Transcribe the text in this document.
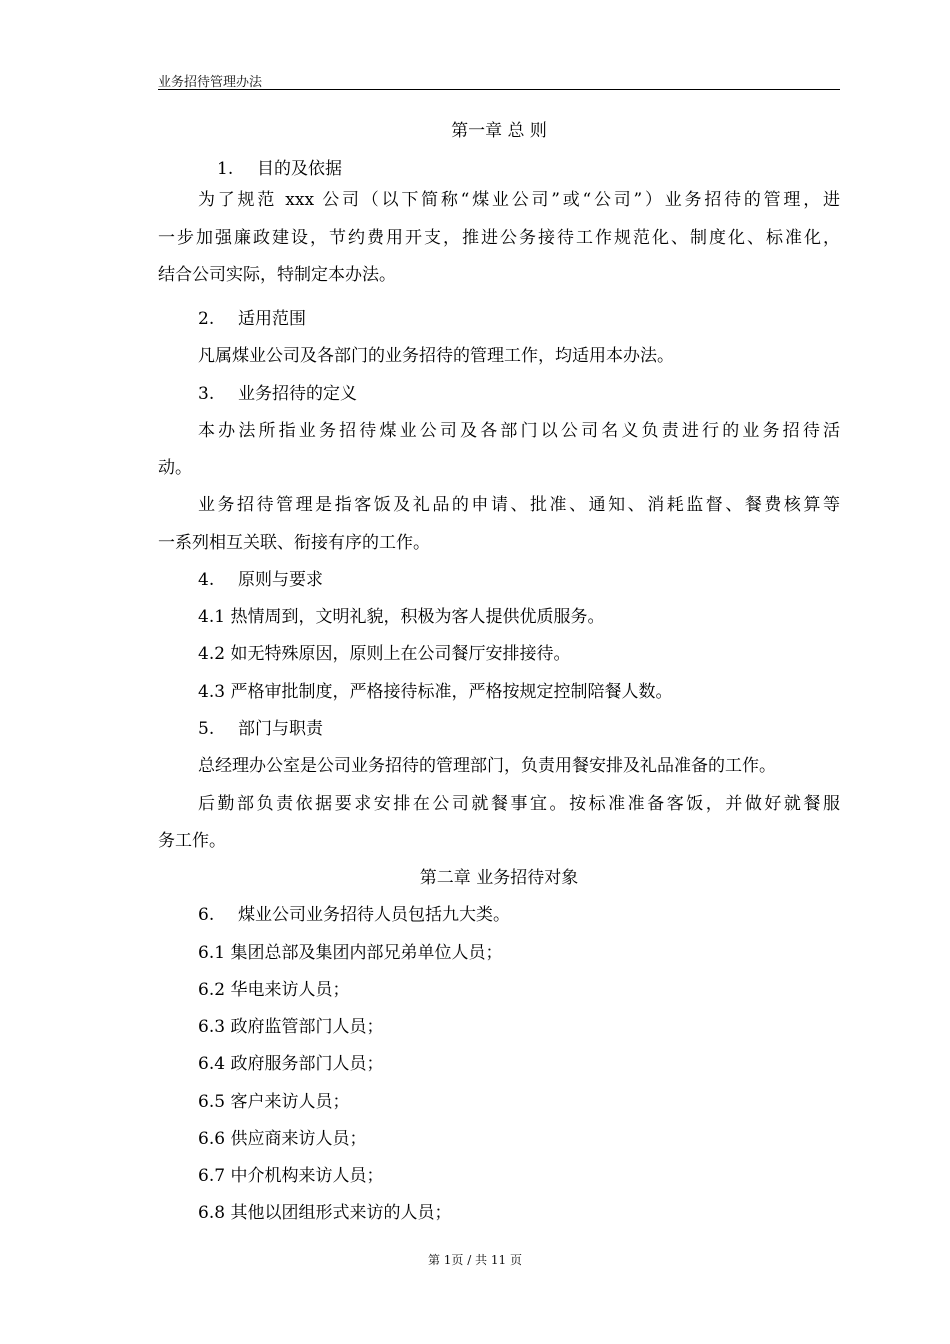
业务招待管理办法
第一章 总 则
1. 目的及依据
为了规范 xxx 公司（以下简称“煤业公司”或“公司”）业务招待的管理，进
一步加强廉政建设，节约费用开支，推进公务接待工作规范化、制度化、标准化，
结合公司实际，特制定本办法。
2. 适用范围
凡属煤业公司及各部门的业务招待的管理工作，均适用本办法。
3. 业务招待的定义
本办法所指业务招待煤业公司及各部门以公司名义负责进行的业务招待活
动。
业务招待管理是指客饭及礼品的申请、批准、通知、消耗监督、餐费核算等
一系列相互关联、衔接有序的工作。
4. 原则与要求
4.1 热情周到，文明礼貌，积极为客人提供优质服务。
4.2 如无特殊原因，原则上在公司餐厅安排接待。
4.3 严格审批制度，严格接待标准，严格按规定控制陪餐人数。
5. 部门与职责
总经理办公室是公司业务招待的管理部门，负责用餐安排及礼品准备的工作。
后勤部负责依据要求安排在公司就餐事宜。按标准准备客饭，并做好就餐服
务工作。
第二章 业务招待对象
6. 煤业公司业务招待人员包括九大类。
6.1 集团总部及集团内部兄弟单位人员；
6.2 华电来访人员；
6.3 政府监管部门人员；
6.4 政府服务部门人员；
6.5 客户来访人员；
6.6 供应商来访人员；
6.7 中介机构来访人员；
6.8 其他以团组形式来访的人员；
第 1页 / 共 11 页
